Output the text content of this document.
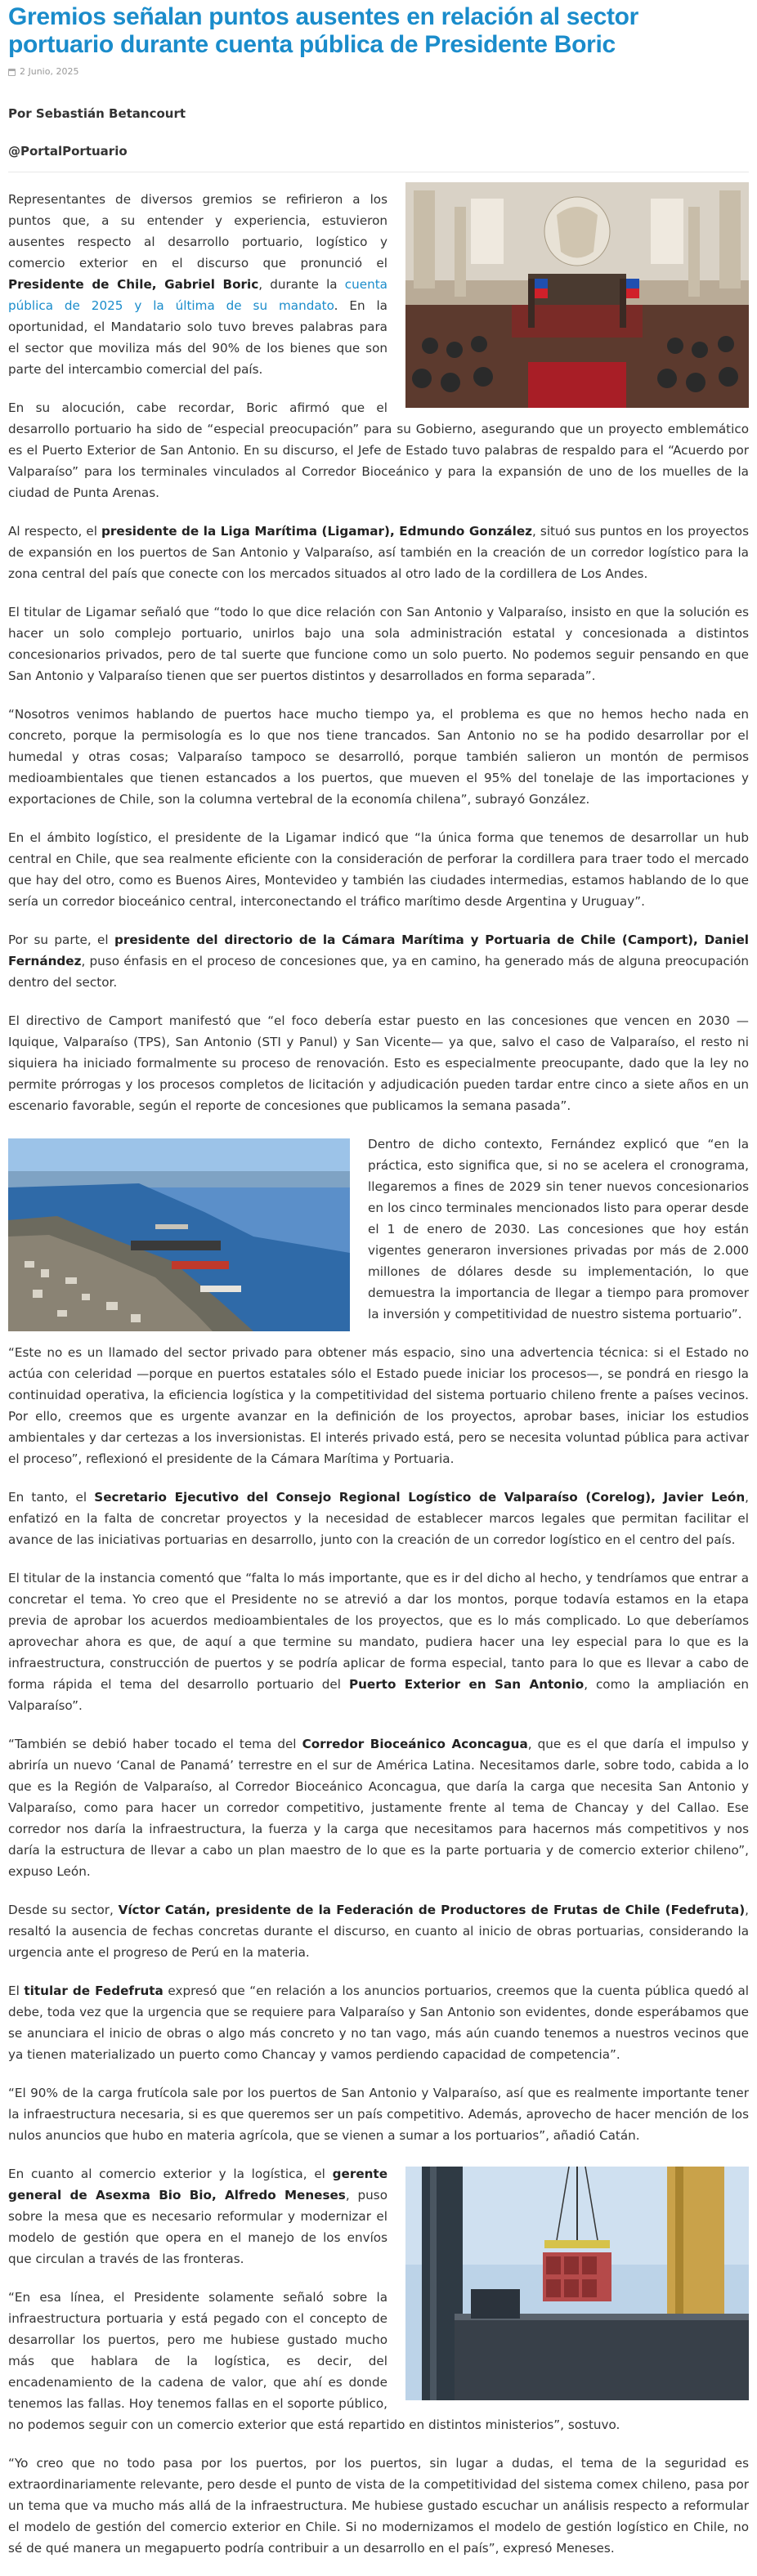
Gremios señalan puntos ausentes en relación al sector portuario durante cuenta pública de Presidente Boric
2 Junio, 2025
Por Sebastián Betancourt
@PortalPortuario

Representantes de diversos gremios se refirieron a los puntos que, a su entender y experiencia, estuvieron ausentes respecto al desarrollo portuario, logístico y comercio exterior en el discurso que pronunció el Presidente de Chile, Gabriel Boric, durante la cuenta pública de 2025 y la última de su mandato. En la oportunidad, el Mandatario solo tuvo breves palabras para el sector que moviliza más del 90% de los bienes que son parte del intercambio comercial del país.

En su alocución, cabe recordar, Boric afirmó que el desarrollo portuario ha sido de “especial preocupación” para su Gobierno, asegurando que un proyecto emblemático es el Puerto Exterior de San Antonio. En su discurso, el Jefe de Estado tuvo palabras de respaldo para el “Acuerdo por Valparaíso” para los terminales vinculados al Corredor Bioceánico y para la expansión de uno de los muelles de la ciudad de Punta Arenas.

Al respecto, el presidente de la Liga Marítima (Ligamar), Edmundo González, situó sus puntos en los proyectos de expansión en los puertos de San Antonio y Valparaíso, así también en la creación de un corredor logístico para la zona central del país que conecte con los mercados situados al otro lado de la cordillera de Los Andes.

El titular de Ligamar señaló que “todo lo que dice relación con San Antonio y Valparaíso, insisto en que la solución es hacer un solo complejo portuario, unirlos bajo una sola administración estatal y concesionada a distintos concesionarios privados, pero de tal suerte que funcione como un solo puerto. No podemos seguir pensando en que San Antonio y Valparaíso tienen que ser puertos distintos y desarrollados en forma separada”.

“Nosotros venimos hablando de puertos hace mucho tiempo ya, el problema es que no hemos hecho nada en concreto, porque la permisología es lo que nos tiene trancados. San Antonio no se ha podido desarrollar por el humedal y otras cosas; Valparaíso tampoco se desarrolló, porque también salieron un montón de permisos medioambientales que tienen estancados a los puertos, que mueven el 95% del tonelaje de las importaciones y exportaciones de Chile, son la columna vertebral de la economía chilena”, subrayó González.

En el ámbito logístico, el presidente de la Ligamar indicó que “la única forma que tenemos de desarrollar un hub central en Chile, que sea realmente eficiente con la consideración de perforar la cordillera para traer todo el mercado que hay del otro, como es Buenos Aires, Montevideo y también las ciudades intermedias, estamos hablando de lo que sería un corredor bioceánico central, interconectando el tráfico marítimo desde Argentina y Uruguay”.

Por su parte, el presidente del directorio de la Cámara Marítima y Portuaria de Chile (Camport), Daniel Fernández, puso énfasis en el proceso de concesiones que, ya en camino, ha generado más de alguna preocupación dentro del sector.

El directivo de Camport manifestó que “el foco debería estar puesto en las concesiones que vencen en 2030 —Iquique, Valparaíso (TPS), San Antonio (STI y Panul) y San Vicente— ya que, salvo el caso de Valparaíso, el resto ni siquiera ha iniciado formalmente su proceso de renovación. Esto es especialmente preocupante, dado que la ley no permite prórrogas y los procesos completos de licitación y adjudicación pueden tardar entre cinco a siete años en un escenario favorable, según el reporte de concesiones que publicamos la semana pasada”.

Dentro de dicho contexto, Fernández explicó que “en la práctica, esto significa que, si no se acelera el cronograma, llegaremos a fines de 2029 sin tener nuevos concesionarios en los cinco terminales mencionados listo para operar desde el 1 de enero de 2030. Las concesiones que hoy están vigentes generaron inversiones privadas por más de 2.000 millones de dólares desde su implementación, lo que demuestra la importancia de llegar a tiempo para promover la inversión y competitividad de nuestro sistema portuario”.

“Este no es un llamado del sector privado para obtener más espacio, sino una advertencia técnica: si el Estado no actúa con celeridad —porque en puertos estatales sólo el Estado puede iniciar los procesos—, se pondrá en riesgo la continuidad operativa, la eficiencia logística y la competitividad del sistema portuario chileno frente a países vecinos. Por ello, creemos que es urgente avanzar en la definición de los proyectos, aprobar bases, iniciar los estudios ambientales y dar certezas a los inversionistas. El interés privado está, pero se necesita voluntad pública para activar el proceso”, reflexionó el presidente de la Cámara Marítima y Portuaria.

En tanto, el Secretario Ejecutivo del Consejo Regional Logístico de Valparaíso (Corelog), Javier León, enfatizó en la falta de concretar proyectos y la necesidad de establecer marcos legales que permitan facilitar el avance de las iniciativas portuarias en desarrollo, junto con la creación de un corredor logístico en el centro del país.

El titular de la instancia comentó que “falta lo más importante, que es ir del dicho al hecho, y tendríamos que entrar a concretar el tema. Yo creo que el Presidente no se atrevió a dar los montos, porque todavía estamos en la etapa previa de aprobar los acuerdos medioambientales de los proyectos, que es lo más complicado. Lo que deberíamos aprovechar ahora es que, de aquí a que termine su mandato, pudiera hacer una ley especial para lo que es la infraestructura, construcción de puertos y se podría aplicar de forma especial, tanto para lo que es llevar a cabo de forma rápida el tema del desarrollo portuario del Puerto Exterior en San Antonio, como la ampliación en Valparaíso”.

“También se debió haber tocado el tema del Corredor Bioceánico Aconcagua, que es el que daría el impulso y abriría un nuevo ‘Canal de Panamá’ terrestre en el sur de América Latina. Necesitamos darle, sobre todo, cabida a lo que es la Región de Valparaíso, al Corredor Bioceánico Aconcagua, que daría la carga que necesita San Antonio y Valparaíso, como para hacer un corredor competitivo, justamente frente al tema de Chancay y del Callao. Ese corredor nos daría la infraestructura, la fuerza y la carga que necesitamos para hacernos más competitivos y nos daría la estructura de llevar a cabo un plan maestro de lo que es la parte portuaria y de comercio exterior chileno”, expuso León.

Desde su sector, Víctor Catán, presidente de la Federación de Productores de Frutas de Chile (Fedefruta), resaltó la ausencia de fechas concretas durante el discurso, en cuanto al inicio de obras portuarias, considerando la urgencia ante el progreso de Perú en la materia.

El titular de Fedefruta expresó que “en relación a los anuncios portuarios, creemos que la cuenta pública quedó al debe, toda vez que la urgencia que se requiere para Valparaíso y San Antonio son evidentes, donde esperábamos que se anunciara el inicio de obras o algo más concreto y no tan vago, más aún cuando tenemos a nuestros vecinos que ya tienen materializado un puerto como Chancay y vamos perdiendo capacidad de competencia”.

“El 90% de la carga frutícola sale por los puertos de San Antonio y Valparaíso, así que es realmente importante tener la infraestructura necesaria, si es que queremos ser un país competitivo. Además, aprovecho de hacer mención de los nulos anuncios que hubo en materia agrícola, que se vienen a sumar a los portuarios”, añadió Catán.

En cuanto al comercio exterior y la logística, el gerente general de Asexma Bio Bio, Alfredo Meneses, puso sobre la mesa que es necesario reformular y modernizar el modelo de gestión que opera en el manejo de los envíos que circulan a través de las fronteras.

“En esa línea, el Presidente solamente señaló sobre la infraestructura portuaria y está pegado con el concepto de desarrollar los puertos, pero me hubiese gustado mucho más que hablara de la logística, es decir, del encadenamiento de la cadena de valor, que ahí es donde tenemos las fallas. Hoy tenemos fallas en el soporte público, no podemos seguir con un comercio exterior que está repartido en distintos ministerios”, sostuvo.

“Yo creo que no todo pasa por los puertos, por los puertos, sin lugar a dudas, el tema de la seguridad es extraordinariamente relevante, pero desde el punto de vista de la competitividad del sistema comex chileno, pasa por un tema que va mucho más allá de la infraestructura. Me hubiese gustado escuchar un análisis respecto a reformular el modelo de gestión del comercio exterior en Chile. Si no modernizamos el modelo de gestión logístico en Chile, no sé de qué manera un megapuerto podría contribuir a un desarrollo en el país”, expresó Meneses.
